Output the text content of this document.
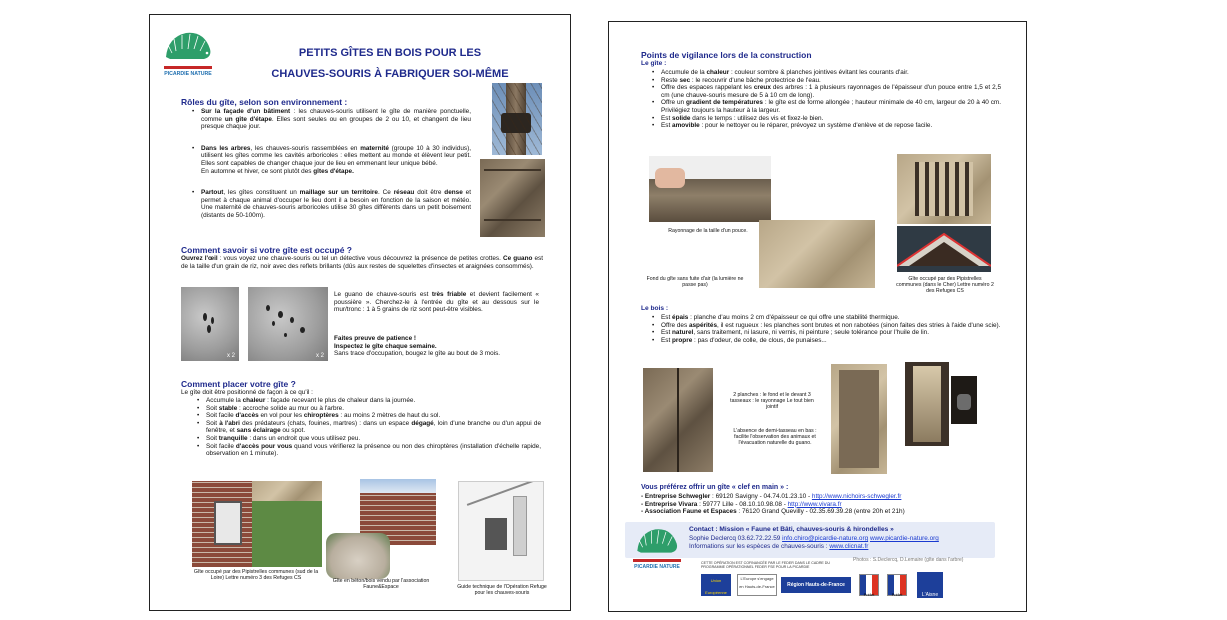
PICARDIE NATURE
PETITS GÎTES EN BOIS POUR LES
CHAUVES-SOURIS À FABRIQUER SOI-MÊME
Rôles du gîte, selon son environnement :
• Sur la façade d'un bâtiment : les chauves-souris utilisent le gîte de manière ponctuelle, comme un gîte d'étape. Elles sont seules ou en groupes de 2 ou 10, et changent de lieu presque chaque jour.
• Dans les arbres, les chauves-souris rassemblées en maternité (groupe 10 à 30 individus), utilisent les gîtes comme les cavités arboricoles : elles mettent au monde et élèvent leur petit. Elles sont capables de changer chaque jour de lieu en emmenant leur unique bébé.
En automne et hiver, ce sont plutôt des gîtes d'étape.
• Partout, les gîtes constituent un maillage sur un territoire. Ce réseau doit être dense et permet à chaque animal d'occuper le lieu dont il a besoin en fonction de la saison et météo. Une maternité de chauves-souris arboricoles utilise 30 gîtes différents dans un petit boisement (distants de 50-100m).
Comment savoir si votre gîte est occupé ?
Ouvrez l'œil : vous voyez une chauve-souris ou tel un détective vous découvrez la présence de petites crottes. Ce guano est de la taille d'un grain de riz, noir avec des reflets brillants (dûs aux restes de squelettes d'insectes et araignées consommés).
x 2	x 2
Le guano de chauve-souris est très friable et devient facilement « poussière ». Cherchez-le à l'entrée du gîte et au dessous sur le mur/tronc : 1 à 5 grains de riz sont peut-être visibles.
Faites preuve de patience !
Inspectez le gîte chaque semaine.
Sans trace d'occupation, bougez le gîte au bout de 3 mois.
Comment placer votre gîte ?
Le gîte doit être positionné de façon à ce qu'il :
• Accumule la chaleur : façade recevant le plus de chaleur dans la journée.
• Soit stable : accroche solide au mur ou à l'arbre.
• Soit facile d'accès en vol pour les chiroptères : au moins 2 mètres de haut du sol.
• Soit à l'abri des prédateurs (chats, fouines, martres) : dans un espace dégagé, loin d'une branche ou d'un appui de fenêtre, et sans éclairage ou spot.
• Soit tranquille : dans un endroit que vous utilisez peu.
• Soit facile d'accès pour vous quand vous vérifierez la présence ou non des chiroptères (installation d'échelle rapide, observation en 1 minute).
Gîte occupé par des Pipistrelles communes (sud de la Loire) Lettre numéro 3 des Refuges CS	Gîte en béton/bois vendu par l'association Faune&Espace	Guide technique de l'Opération Refuge pour les chauves-souris
Points de vigilance lors de la construction
Le gîte :
• Accumule de la chaleur : couleur sombre & planches jointives évitant les courants d'air.
• Reste sec : le recouvrir d'une bâche protectrice de l'eau.
• Offre des espaces rappelant les creux des arbres : 1 à plusieurs rayonnages de l'épaisseur d'un pouce entre 1,5 et 2,5 cm (une chauve-souris mesure de 5 à 10 cm de long).
• Offre un gradient de températures : le gîte est de forme allongée ; hauteur minimale de 40 cm, largeur de 20 à 40 cm. Privilégiez toujours la hauteur à la largeur.
• Est solide dans le temps : utilisez des vis et fixez-le bien.
• Est amovible : pour le nettoyer ou le réparer, prévoyez un système d'enlève et de repose facile.
Rayonnage de la taille d'un pouce.
Fond du gîte sans fuite d'air (la lumière ne passe pas)
Gîte occupé par des Pipistrelles communes (dans le Cher) Lettre numéro 2 des Refuges CS
Le bois :
• Est épais : planche d'au moins 2 cm d'épaisseur ce qui offre une stabilité thermique.
• Offre des aspérités, il est rugueux : les planches sont brutes et non rabotées (sinon faites des stries à l'aide d'une scie).
• Est naturel, sans traitement, ni lasure, ni vernis, ni peinture ; seule tolérance pour l'huile de lin.
• Est propre : pas d'odeur, de colle, de clous, de punaises...
2 planches : le fond et le devant 3 tasseaux : le rayonnage Le tout bien jointif
L'absence de demi-tasseau en bas : facilite l'observation des animaux et l'évacuation naturelle du guano.
Vous préférez offrir un gîte « clef en main » :
- Entreprise Schwegler : 69120 Savigny - 04.74.01.23.10 - http://www.nichoirs-schwegler.fr
- Entreprise Vivara : 59777 Lille - 08.10.10.98.08 - http://www.vivara.fr
- Association Faune et Espaces : 76120 Grand Quevilly - 02.35.69.39.28 (entre 20h et 21h)
PICARDIE NATURE
Contact : Mission « Faune et Bâti, chauves-souris & hirondelles »
Sophie Declercq 03.62.72.22.59 info.chiro@picardie-nature.org www.picardie-nature.org
Informations sur les espèces de chauves-souris : www.clicnat.fr
Photos : S.Declercq, D.Lemaire (gîte dans l'arbre)
CETTE OPÉRATION EST COFINANCÉE PAR LE FEDER DANS LE CADRE DU PROGRAMME OPÉRATIONNEL FEDER FSE POUR LA PICARDIE
Union Européenne
L'Europe s'engage en Hauts-de-France	Région Hauts-de-France
Préfet	Préfet	L'Aisne
